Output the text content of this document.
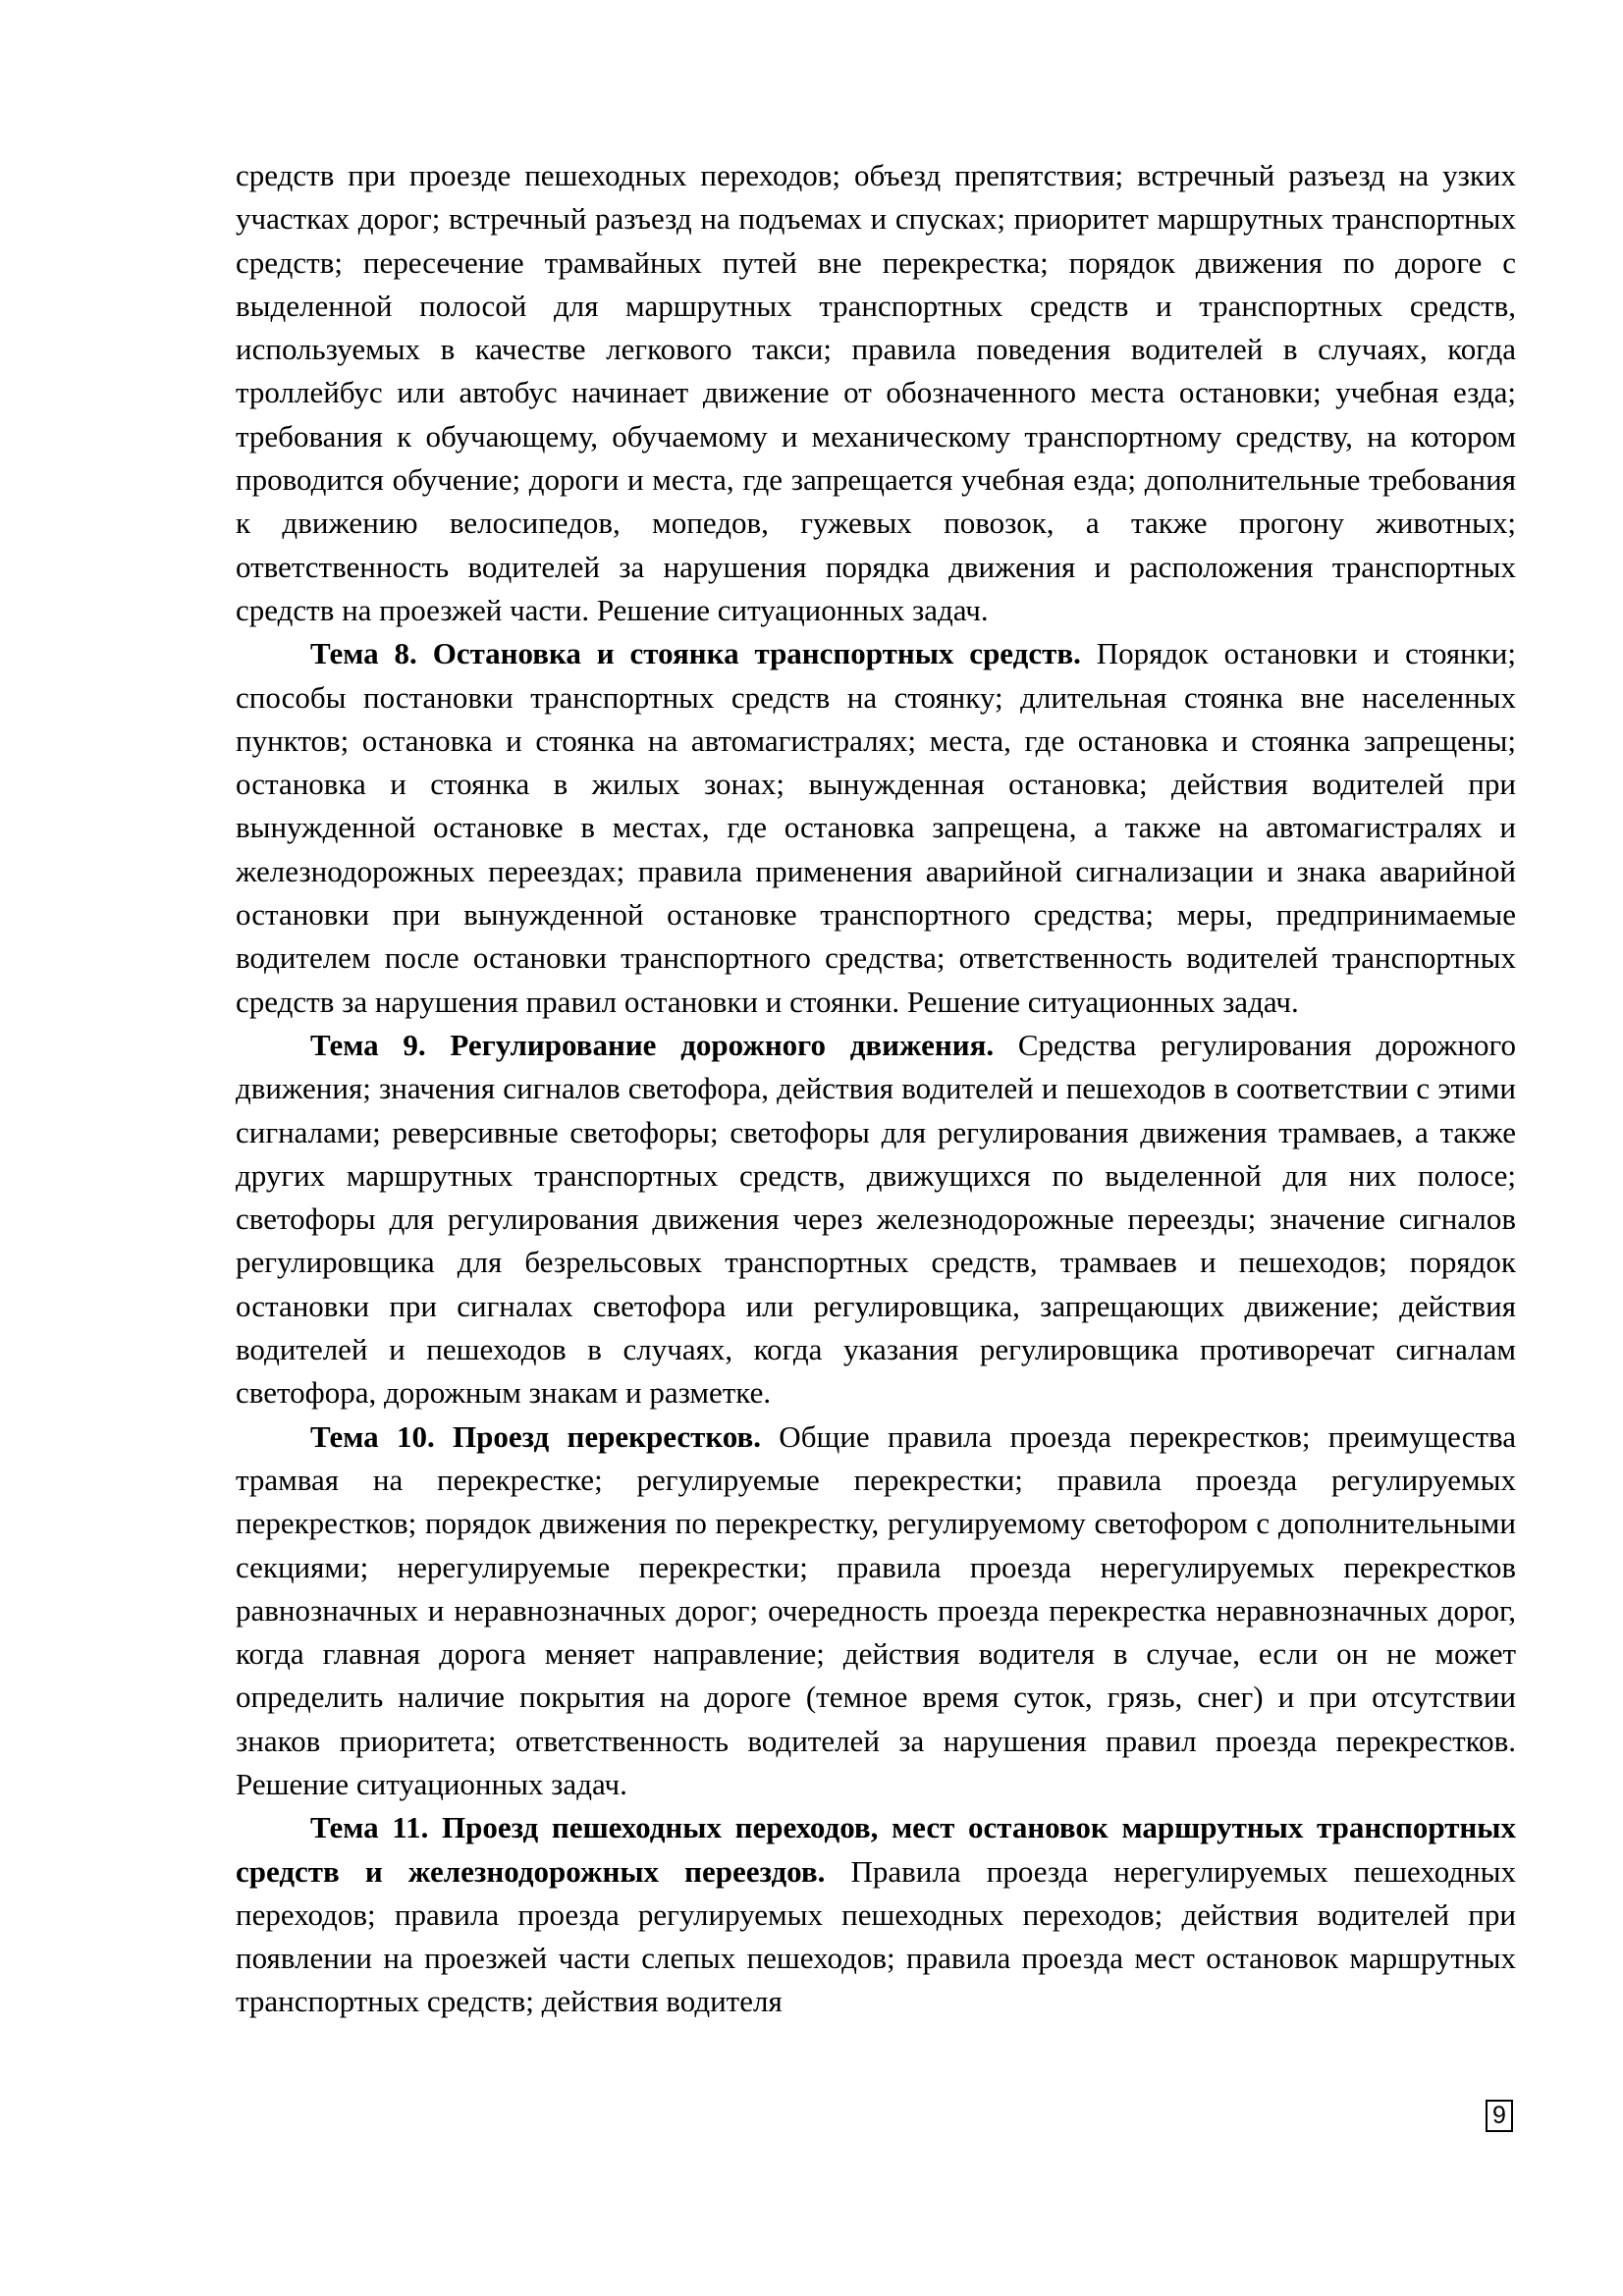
средств при проезде пешеходных переходов; объезд препятствия; встречный разъезд на узких участках дорог; встречный разъезд на подъемах и спусках; приоритет маршрутных транспортных средств; пересечение трамвайных путей вне перекрестка; порядок движения по дороге с выделенной полосой для маршрутных транспортных средств и транспортных средств, используемых в качестве легкового такси; правила поведения водителей в случаях, когда троллейбус или автобус начинает движение от обозначенного места остановки; учебная езда; требования к обучающему, обучаемому и механическому транспортному средству, на котором проводится обучение; дороги и места, где запрещается учебная езда; дополнительные требования к движению велосипедов, мопедов, гужевых повозок, а также прогону животных; ответственность водителей за нарушения порядка движения и расположения транспортных средств на проезжей части. Решение ситуационных задач.

Тема 8. Остановка и стоянка транспортных средств. Порядок остановки и стоянки; способы постановки транспортных средств на стоянку; длительная стоянка вне населенных пунктов; остановка и стоянка на автомагистралях; места, где остановка и стоянка запрещены; остановка и стоянка в жилых зонах; вынужденная остановка; действия водителей при вынужденной остановке в местах, где остановка запрещена, а также на автомагистралях и железнодорожных переездах; правила применения аварийной сигнализации и знака аварийной остановки при вынужденной остановке транспортного средства; меры, предпринимаемые водителем после остановки транспортного средства; ответственность водителей транспортных средств за нарушения правил остановки и стоянки. Решение ситуационных задач.

Тема 9. Регулирование дорожного движения. Средства регулирования дорожного движения; значения сигналов светофора, действия водителей и пешеходов в соответствии с этими сигналами; реверсивные светофоры; светофоры для регулирования движения трамваев, а также других маршрутных транспортных средств, движущихся по выделенной для них полосе; светофоры для регулирования движения через железнодорожные переезды; значение сигналов регулировщика для безрельсовых транспортных средств, трамваев и пешеходов; порядок остановки при сигналах светофора или регулировщика, запрещающих движение; действия водителей и пешеходов в случаях, когда указания регулировщика противоречат сигналам светофора, дорожным знакам и разметке.

Тема 10. Проезд перекрестков. Общие правила проезда перекрестков; преимущества трамвая на перекрестке; регулируемые перекрестки; правила проезда регулируемых перекрестков; порядок движения по перекрестку, регулируемому светофором с дополнительными секциями; нерегулируемые перекрестки; правила проезда нерегулируемых перекрестков равнозначных и неравнозначных дорог; очередность проезда перекрестка неравнозначных дорог, когда главная дорога меняет направление; действия водителя в случае, если он не может определить наличие покрытия на дороге (темное время суток, грязь, снег) и при отсутствии знаков приоритета; ответственность водителей за нарушения правил проезда перекрестков. Решение ситуационных задач.

Тема 11. Проезд пешеходных переходов, мест остановок маршрутных транспортных средств и железнодорожных переездов. Правила проезда нерегулируемых пешеходных переходов; правила проезда регулируемых пешеходных переходов; действия водителей при появлении на проезжей части слепых пешеходов; правила проезда мест остановок маршрутных транспортных средств; действия водителя

9
